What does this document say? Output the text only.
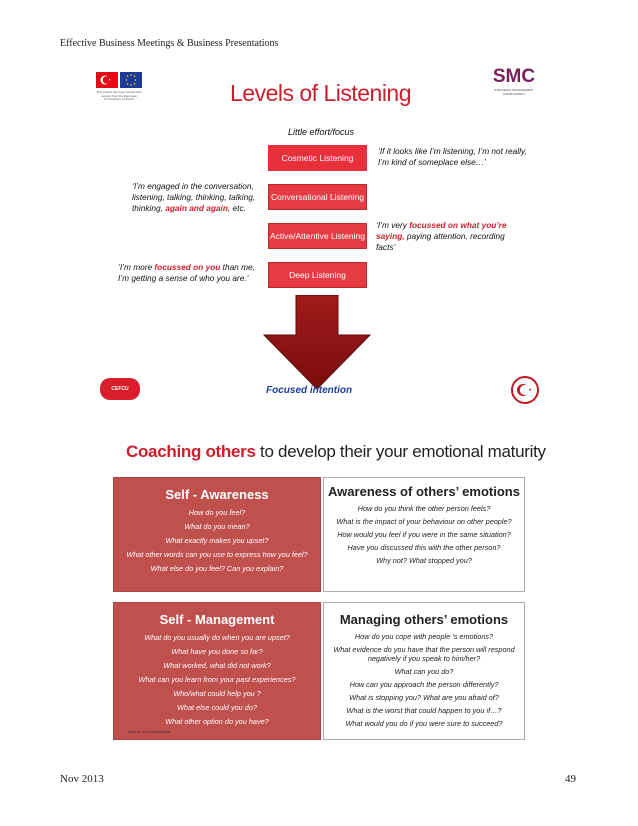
Effective Business Meetings & Business Presentations
This project has been funded with support from the European Commission. LLP/LdV	Levels of Listening
SMC
STRATEGIC MANAGEMENT CONSULTANCY
Little effort/focus
Cosmetic Listening
Conversational Listening
Active/Attentive Listening
Deep Listening
‘If it looks like I’m listening, I’m not really, I’m kind of someplace else…’
‘I’m engaged in the conversation, listening, talking, thinking, talking, thinking, again and again, etc.
‘I’m very focussed on what you’re saying, paying attention, recording facts’
‘I’m more focussed on you than me, I’m getting a sense of who you are.’
Focused intention
CEFCU
Coaching others to develop their your emotional maturity
Self - Awareness
How do you feel?
What do you mean?
What exactly makes you upset?
What other words can you use to express how you feel?
What else do you feel? Can you explain?
Awareness of others’ emotions
How do you think the other person feels?
What is the impact of your behaviour on other people?
How would you feel if you were in the same situation?
Have you discussed this with the other person?
Why not? What stopped you?
Self - Management
What do you usually do when you are upset?
What have you done so far?
What worked, what did not work?
What can you learn from your past experiences?
Who/what could help you ?
What else could you do?
What other option do you have?
Source: Dorcas/Dowdell
Managing others’ emotions
How do you cope with people ’s emotions?
What evidence do you have that the person will respond negatively if you speak to him/her?
What can you do?
How can you approach the person differently?
What is stopping you? What are you afraid of?
What is the worst that could happen to you if…?
What would you do if you were sure to succeed?
Nov 2013	49
